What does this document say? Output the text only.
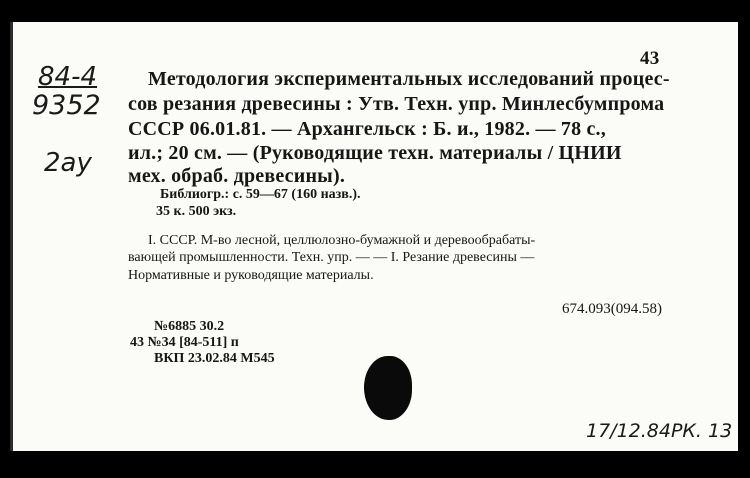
43

84-4

9352

2ау

Методология экспериментальных исследований процес-

сов резания древесины : Утв. Техн. упр. Минлесбумпрома

СССР 06.01.81. — Архангельск : Б. и., 1982. — 78 с.,

ил.; 20 см. — (Руководящие техн. материалы / ЦНИИ

мех. обраб. древесины).

Библиогр.: с. 59—67 (160 назв.).

35 к. 500 экз.

I. СССР. М-во лесной, целлюлозно-бумажной и деревообрабаты-

вающей промышленности. Техн. упр. — — I. Резание древесины —

Нормативные и руководящие материалы.

674.093(094.58)

№6885 30.2

43 №34 [84-511] п

ВКП 23.02.84 М545

17/12.84РК. 13
